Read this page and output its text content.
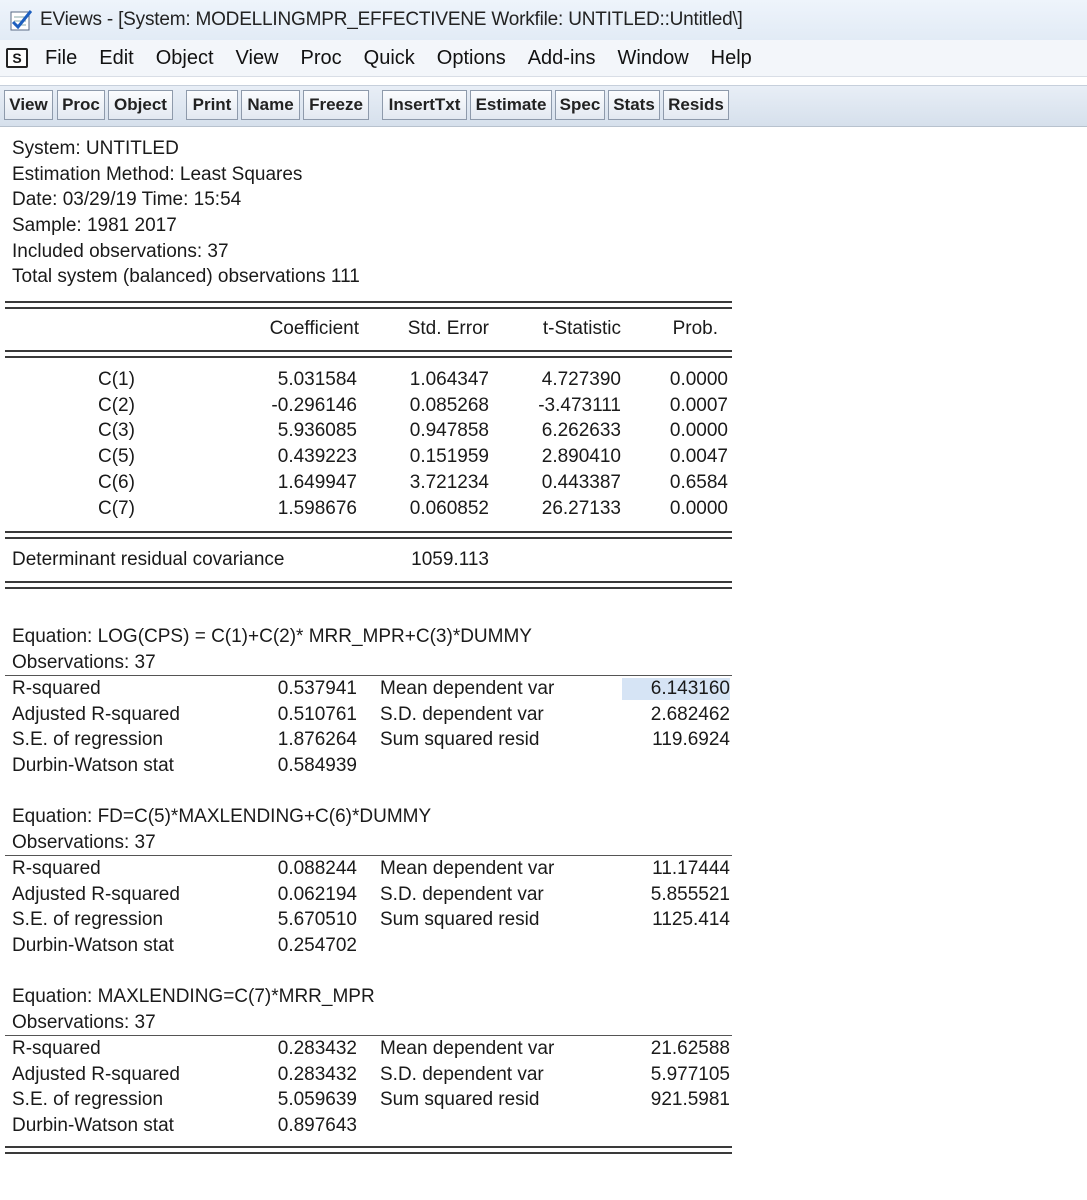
EViews - [System: MODELLINGMPR_EFFECTIVENE Workfile: UNTITLED::Untitled\]
S	File	Edit	Object	View	Proc	Quick	Options	Add-ins	Window	Help
View Proc Object	Print Name Freeze	InsertTxt Estimate Spec Stats Resids
System: UNTITLED
Estimation Method: Least Squares
Date: 03/29/19 Time: 15:54
Sample: 1981 2017
Included observations: 37
Total system (balanced) observations 111
Coefficient	Std. Error	t-Statistic	Prob.
C(1)	5.031584	1.064347	4.727390	0.0000
C(2)	-0.296146	0.085268	-3.473111	0.0007
C(3)	5.936085	0.947858	6.262633	0.0000
C(5)	0.439223	0.151959	2.890410	0.0047
C(6)	1.649947	3.721234	0.443387	0.6584
C(7)	1.598676	0.060852	26.27133	0.0000
Determinant residual covariance	1059.113
Equation: LOG(CPS) = C(1)+C(2)* MRR_MPR+C(3)*DUMMY
Observations: 37
R-squared	0.537941 Mean dependent var	6.143160
Adjusted R-squared	0.510761 S.D. dependent var	2.682462
S.E. of regression	1.876264 Sum squared resid	119.6924
Durbin-Watson stat	0.584939
Equation: FD=C(5)*MAXLENDING+C(6)*DUMMY
Observations: 37
R-squared	0.088244 Mean dependent var	11.17444
Adjusted R-squared	0.062194 S.D. dependent var	5.855521
S.E. of regression	5.670510 Sum squared resid	1125.414
Durbin-Watson stat	0.254702
Equation: MAXLENDING=C(7)*MRR_MPR
Observations: 37
R-squared	0.283432 Mean dependent var	21.62588
Adjusted R-squared	0.283432 S.D. dependent var	5.977105
S.E. of regression	5.059639 Sum squared resid	921.5981
Durbin-Watson stat	0.897643
